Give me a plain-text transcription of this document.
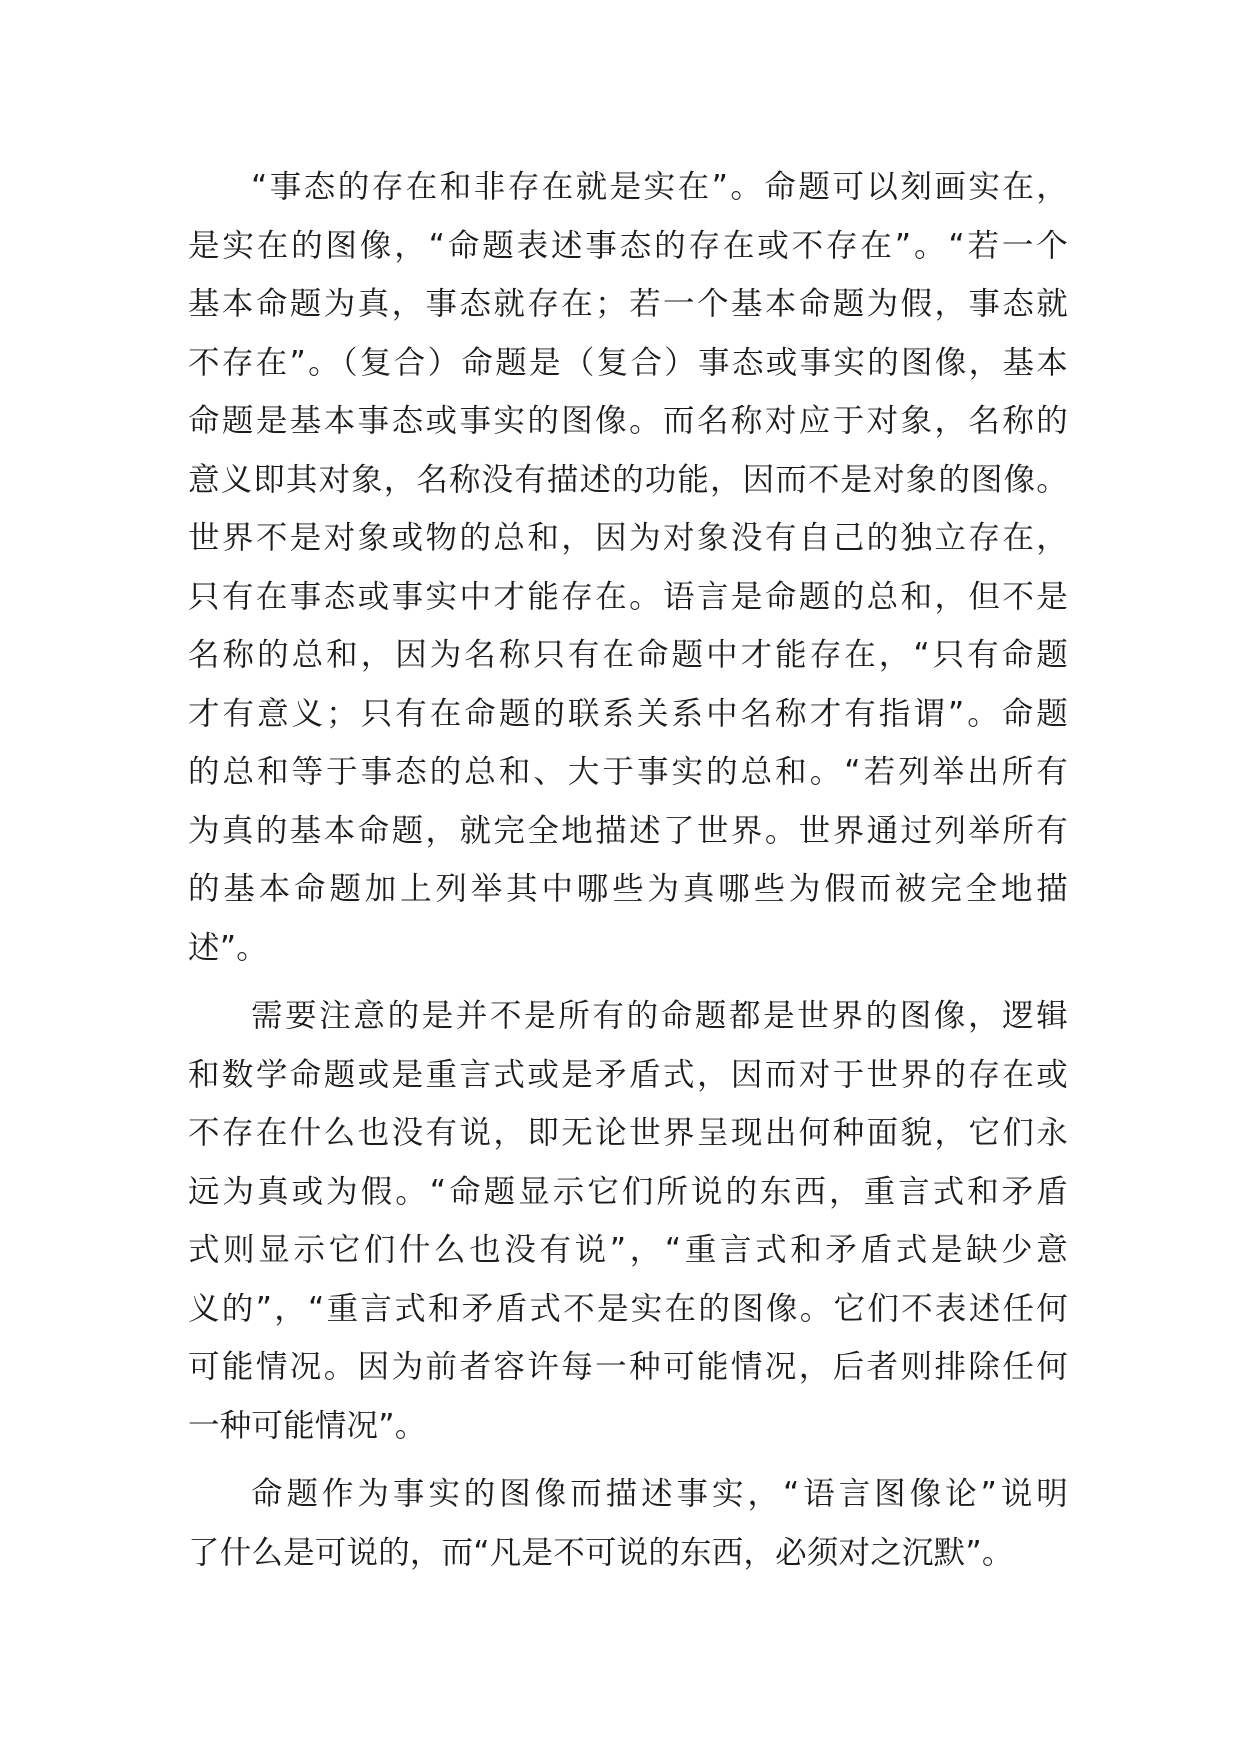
“事态的存在和非存在就是实在”。命题可以刻画实在，
是实在的图像，“命题表述事态的存在或不存在”。“若一个
基本命题为真，事态就存在；若一个基本命题为假，事态就
不存在”。（复合）命题是（复合）事态或事实的图像，基本
命题是基本事态或事实的图像。而名称对应于对象，名称的
意义即其对象，名称没有描述的功能，因而不是对象的图像。
世界不是对象或物的总和，因为对象没有自己的独立存在，
只有在事态或事实中才能存在。语言是命题的总和，但不是
名称的总和，因为名称只有在命题中才能存在，“只有命题
才有意义；只有在命题的联系关系中名称才有指谓”。命题
的总和等于事态的总和、大于事实的总和。“若列举出所有
为真的基本命题，就完全地描述了世界。世界通过列举所有
的基本命题加上列举其中哪些为真哪些为假而被完全地描
述”。
需要注意的是并不是所有的命题都是世界的图像，逻辑
和数学命题或是重言式或是矛盾式，因而对于世界的存在或
不存在什么也没有说，即无论世界呈现出何种面貌，它们永
远为真或为假。“命题显示它们所说的东西，重言式和矛盾
式则显示它们什么也没有说”，“重言式和矛盾式是缺少意
义的”，“重言式和矛盾式不是实在的图像。它们不表述任何
可能情况。因为前者容许每一种可能情况，后者则排除任何
一种可能情况”。
命题作为事实的图像而描述事实，“语言图像论”说明
了什么是可说的，而“凡是不可说的东西，必须对之沉默”。
